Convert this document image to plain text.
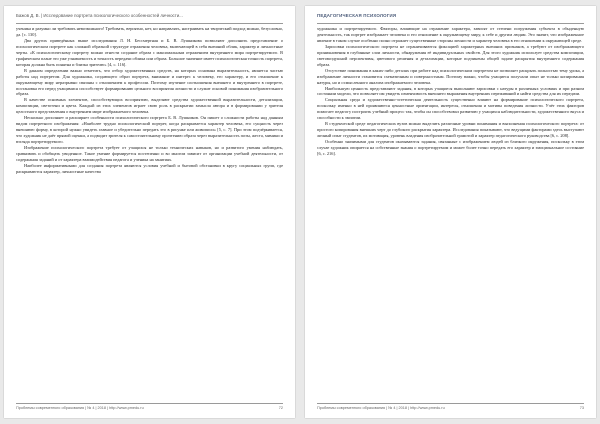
Бажов Д. В. | Исследование портрета психологического особенностей личности...

ученика и разумно ли требовать невозможного! Требовать, вероятно, нет, но направлять, настраивать на творческий подход можно, безусловно, да. [с. 130].

Два других приведённых выше исследования Л. Н. Бессмертная и Б. В. Лушникова позволяют дополнить представление о психологическом портрете как сложной образной структуре отражения человека, включающей в себя внешний облик, характер и личностные черты. «К психологическому портрету можно отнести создание образа с максимальным отражением внутреннего мира портретируемого. В графическом плане это уже узнаваемость и точность передачи облика или образа. Большое значение имеет психологическая точность портрета, которая должна быть понятна и близка зрителю» [4, с. 116].

В данном определении важно отметить, что отбор художественных средств, на которых основана выразительность, является частью работы над портретом. Для художника, создающего образ портрета, внимание и интерес к человеку, его характеру, и его отношение к окружающему миру неразрывно связаны с отношением к профессии. Поэтому изучение соотношения внешнего и внутреннего в портрете, постановка его перед учащимися способствует формированию цельного восприятия личности и служит основой понимания изобразительного образа.

В качестве основных элементов, способствующих восприятию, выделяют средства художественной выразительности, детализации, композиции, светотени и цвета. Каждый из этих элементов играет свою роль в раскрытии замысла автора и в формировании у зрителя целостного представления о внутреннем мире изображаемого человека.

Несколько дополняет и расширяет особенности психологического портрета Б. В. Лушников. Он пишет о сложности работы над данным видом портретного изображения: «Наиболее трудно психологический портрет, когда раскрывается характер человека, его сущность через внешнюю форму, в которой нужно увидеть главное и убедительно передать это в рисунке или живописи» [5, с. 7]. При этом подчёркивается, что художник не даёт прямой оценки, а подводит зрителя к самостоятельному прочтению образа через выразительность позы, жеста, мимики и взгляда портретируемого.

Изображение психологического портрета требует от учащихся не только технических навыков, но и развитого умения наблюдать, сравнивать и обобщать увиденное. Такое умение формируется постепенно и во многом зависит от организации учебной деятельности, от содержания заданий и от характера взаимодействия педагога и ученика на занятиях.

Наиболее информативными для создания портрета являются условия учебной и бытовой обстановки в кругу социальных групп, где раскрываются характер, личностные качества

Проблемы современного образования | № 4 | 2018 | http://www.pmedu.ru	72
ПЕДАГОГИЧЕСКАЯ ПСИХОЛОГИЯ

художника и портретируемого. Факторы, влияющие на отражение характера, зависят от степени погружения субъекта в обыденную деятельность, так портрет изображает человека и его отношение к окружающему миру, к себе и другим людям. Это значит, что изображенное явление в таком случае особенно полно отражает существенные стороны личности и характер человека в его отношении к окружающей среде.

Зарисовки психологического портрета не ограничиваются фиксацией характерных внешних признаков, а требуют от изображающего проникновения в глубинные слои личности, обнаружения её индивидуальных свойств. Для этого художник использует средства композиции, световоздушной перспективы, цветового решения и детализации, которые подчинены общей задаче раскрытия внутреннего содержания образа.

Отсутствие понимания в каких-либо деталях при работе над психологическим портретом не позволяет раскрыть полностью тему урока, а изображение личности становится схематичным и поверхностным. Поэтому важно, чтобы учащиеся получали опыт не только копирования натуры, но и осмысленного анализа изображаемого человека.

Наибольшую ценность представляют задания, в которых учащиеся выполняют зарисовки с натуры в различных условиях и при разном состоянии модели, что позволяет им увидеть изменчивость внешнего выражения внутренних переживаний и найти средства для их передачи.

Социальная среда и художественно-эстетическая деятельность существенно влияют на формирование психологического портрета, поскольку именно в ней проявляются ценностные ориентации, интересы, отношения и мотивы поведения личности. Учёт этих факторов помогает педагогу построить учебный процесс так, чтобы он способствовал развитию у учащихся наблюдательности, художественного вкуса и способности к эмпатии.

В студенческой среде педагогических вузов можно выделить различные уровни понимания и выполнения психологического портрета: от простого копирования внешних черт до глубокого раскрытия характера. Исследования показывают, что ведущими факторами здесь выступают личный опыт студентов, их мотивация, уровень владения изобразительной грамотой и характер педагогического руководства [6, с. 208].

Особенно значимыми для студентов оказываются задания, связанные с изображением людей из близкого окружения, поскольку в этом случае художник опирается на собственные знания о портретируемом и может более точно передать его характер и эмоциональное состояние [6, с. 216].

Проблемы современного образования | № 4 | 2018 | http://www.pmedu.ru	73
